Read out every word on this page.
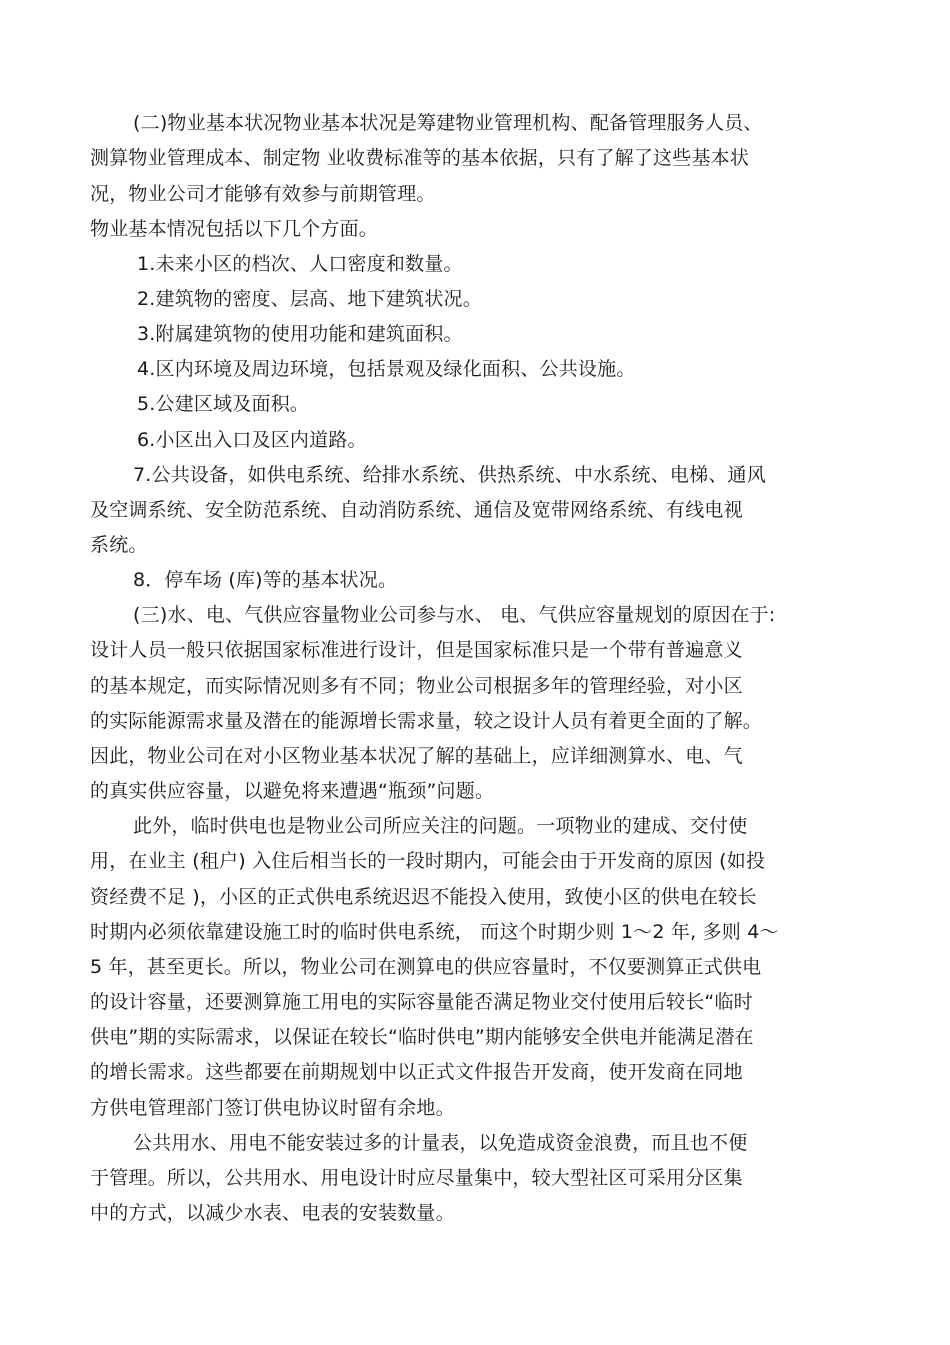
(二)物业基本状况物业基本状况是筹建物业管理机构、配备管理服务人员、

测算物业管理成本、制定物 业收费标准等的基本依据，只有了解了这些基本状

况，物业公司才能够有效参与前期管理。

物业基本情况包括以下几个方面。

1.未来小区的档次、人口密度和数量。

2.建筑物的密度、层高、地下建筑状况。

3.附属建筑物的使用功能和建筑面积。

4.区内环境及周边环境，包括景观及绿化面积、公共设施。

5.公建区域及面积。

6.小区出入口及区内道路。

7.公共设备，如供电系统、给排水系统、供热系统、中水系统、电梯、通风

及空调系统、安全防范系统、自动消防系统、通信及宽带网络系统、有线电视

系统。

8．停车场 (库)等的基本状况。

(三)水、电、气供应容量物业公司参与水、 电、气供应容量规划的原因在于:

设计人员一般只依据国家标准进行设计，但是国家标准只是一个带有普遍意义

的基本规定，而实际情况则多有不同；物业公司根据多年的管理经验，对小区

的实际能源需求量及潜在的能源增长需求量，较之设计人员有着更全面的了解。

因此，物业公司在对小区物业基本状况了解的基础上，应详细测算水、电、气

的真实供应容量，以避免将来遭遇“瓶颈”问题。

此外，临时供电也是物业公司所应关注的问题。一项物业的建成、交付使

用，在业主 (租户) 入住后相当长的一段时期内，可能会由于开发商的原因 (如投

资经费不足 )，小区的正式供电系统迟迟不能投入使用，致使小区的供电在较长

时期内必须依靠建设施工时的临时供电系统， 而这个时期少则 1～2 年, 多则 4～

5 年，甚至更长。所以，物业公司在测算电的供应容量时，不仅要测算正式供电

的设计容量，还要测算施工用电的实际容量能否满足物业交付使用后较长“临时

供电”期的实际需求，以保证在较长“临时供电”期内能够安全供电并能满足潜在

的增长需求。这些都要在前期规划中以正式文件报告开发商，使开发商在同地

方供电管理部门签订供电协议时留有余地。

公共用水、用电不能安装过多的计量表，以免造成资金浪费，而且也不便

于管理。所以，公共用水、用电设计时应尽量集中，较大型社区可采用分区集

中的方式，以减少水表、电表的安装数量。
